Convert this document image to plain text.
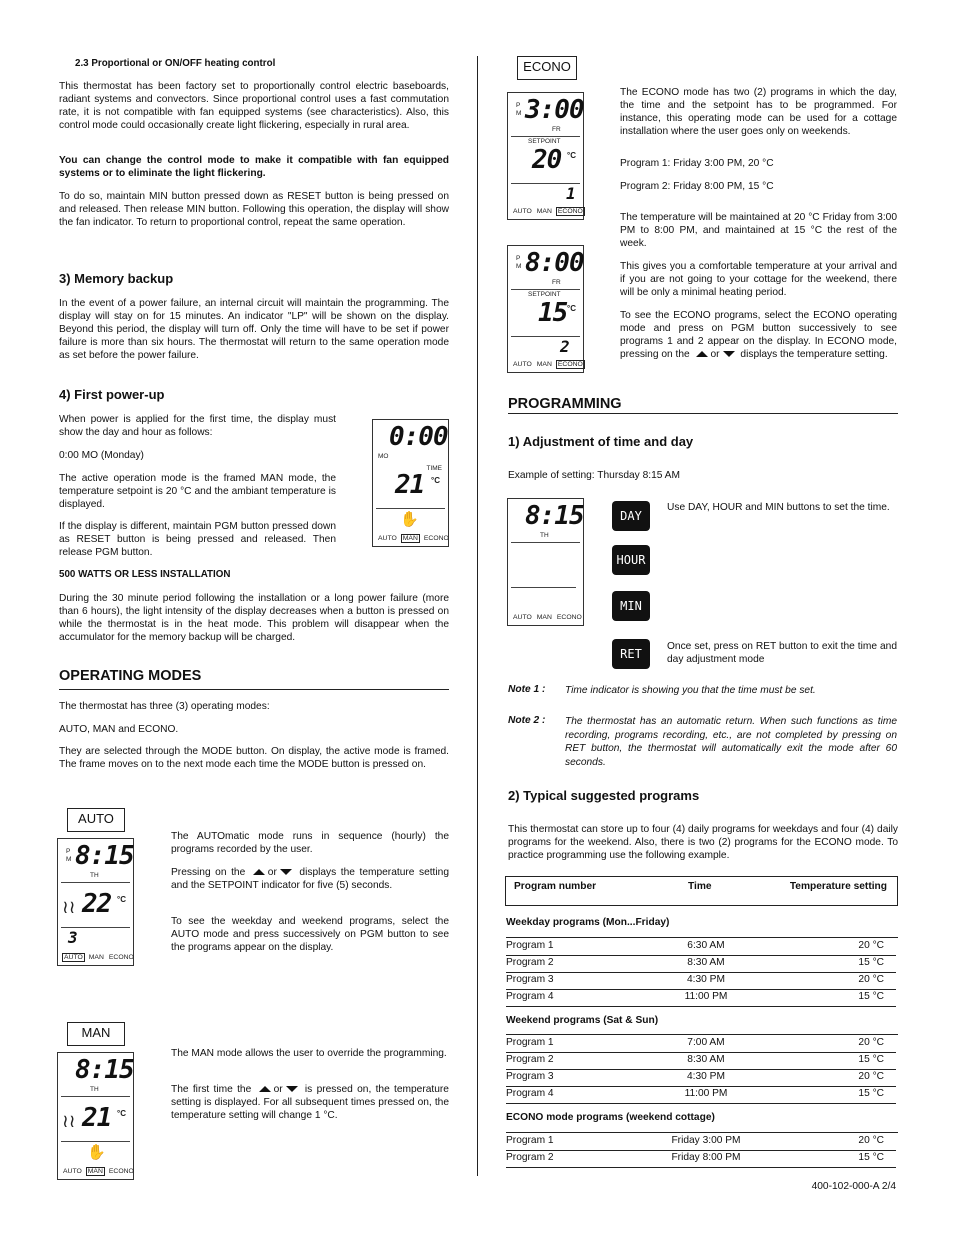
2.3 Proportional or ON/OFF heating control

This thermostat has been factory set to proportionally control electric baseboards, radiant systems and convectors. Since proportional control uses a fast commutation rate, it is not compatible with fan equipped systems (see characteristics). Also, this control mode could occasionally create light flickering, especially in rural area.

You can change the control mode to make it compatible with fan equipped systems or to eliminate the light flickering.

To do so, maintain MIN button pressed down as RESET button is being pressed on and released. Then release MIN button. Following this operation, the display will show the fan indicator. To return to proportional control, repeat the same operation.

3) Memory backup

In the event of a power failure, an internal circuit will maintain the programming. The display will stay on for 15 minutes. An indicator "LP" will be shown on the display. Beyond this period, the display will turn off. Only the time will have to be set if power failure is more than six hours. The thermostat will return to the same operation mode as set before the power failure.

4) First power-up

When power is applied for the first time, the display must show the day and hour as follows:

0:00 MO (Monday)

The active operation mode is the framed MAN mode, the temperature setpoint is 20 °C and the ambiant temperature is displayed.

If the display is different, maintain PGM button pressed down as RESET button is being pressed and released. Then release PGM button.

500 WATTS OR LESS INSTALLATION

During the 30 minute period following the installation or a long power failure (more than 6 hours), the light intensity of the display decreases when a button is pressed on while the thermostat is in the heat mode. This problem will disappear when the accumulator for the memory backup will be charged.

OPERATING MODES

The thermostat has three (3) operating modes:

AUTO, MAN and ECONO.

They are selected through the MODE button. On display, the active mode is framed. The frame moves on to the next mode each time the MODE button is pressed on.

The AUTOmatic mode runs in sequence (hourly) the programs recorded by the user.

Pressing on the or displays the temperature setting and the SETPOINT indicator for five (5) seconds.

To see the weekday and weekend programs, select the AUTO mode and press successively on PGM button to see the programs appear on the display.

The MAN mode allows the user to override the programming.

The first time the or is pressed on, the temperature setting is displayed. For all subsequent times pressed on, the temperature setting will change 1 °C.

0:00
MO
TIME
21 °C
✋
AUTO MAN ECONO
AUTO
P M 8:15
TH
≀≀ 22 °C
3
AUTO MAN ECONO
MAN
8:15
TH
≀≀ 21 °C
✋
AUTO MAN ECONO
ECONO
P M 3:00
FR
SETPOINT
20 °C
1
AUTO MAN ECONO
P M 8:00
FR
SETPOINT
15 °C
2
AUTO MAN ECONO

The ECONO mode has two (2) programs in which the day, the time and the setpoint has to be programmed. For instance, this operating mode can be used for a cottage installation where the user goes only on weekends.

Program 1: Friday 3:00 PM, 20 °C

Program 2: Friday 8:00 PM, 15 °C

The temperature will be maintained at 20 °C Friday from 3:00 PM to 8:00 PM, and maintained at 15 °C the rest of the week.

This gives you a comfortable temperature at your arrival and if you are not going to your cottage for the weekend, there will be only a minimal heating period.

To see the ECONO programs, select the ECONO operating mode and press on PGM button successively to see programs 1 and 2 appear on the display. In ECONO mode, pressing on the or displays the temperature setting.

PROGRAMMING
1) Adjustment of time and day

Example of setting: Thursday 8:15 AM

8:15
TH
AUTO MAN ECONO
DAY
HOUR
MIN
RET

Use DAY, HOUR and MIN buttons to set the time.

Once set, press on RET button to exit the time and day adjustment mode

Note 1 : Time indicator is showing you that the time must be set.
Note 2 : The thermostat has an automatic return. When such functions as time recording, programs recording, etc., are not completed by pressing on RET button, the thermostat will automatically exit the mode after 60 seconds.
2) Typical suggested programs

This thermostat can store up to four (4) daily programs for weekdays and four (4) daily programs for the weekend. Also, there is two (2) programs for the ECONO mode. To practice programming use the following example.

Program number	Time	Temperature setting
Weekday programs (Mon...Friday)
Program 1	6:30 AM	20 °C
Program 2	8:30 AM	15 °C
Program 3	4:30 PM	20 °C
Program 4	11:00 PM	15 °C
Weekend programs (Sat & Sun)
Program 1	7:00 AM	20 °C
Program 2	8:30 AM	15 °C
Program 3	4:30 PM	20 °C
Program 4	11:00 PM	15 °C
ECONO mode programs (weekend cottage)
Program 1	Friday 3:00 PM	20 °C
Program 2	Friday 8:00 PM	15 °C
400-102-000-A 2/4
